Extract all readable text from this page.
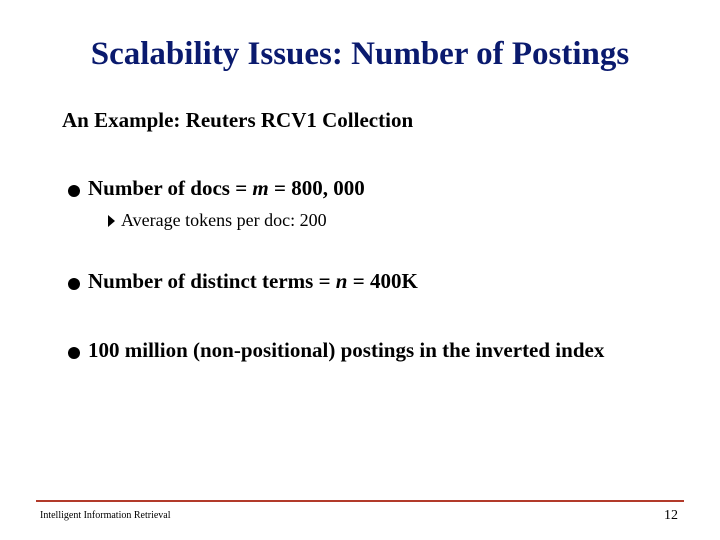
Scalability Issues: Number of Postings
An Example: Reuters RCV1 Collection
Number of docs = m = 800, 000
Average tokens per doc: 200
Number of distinct terms = n = 400K
100 million (non-positional) postings in the inverted index
Intelligent Information Retrieval	12
